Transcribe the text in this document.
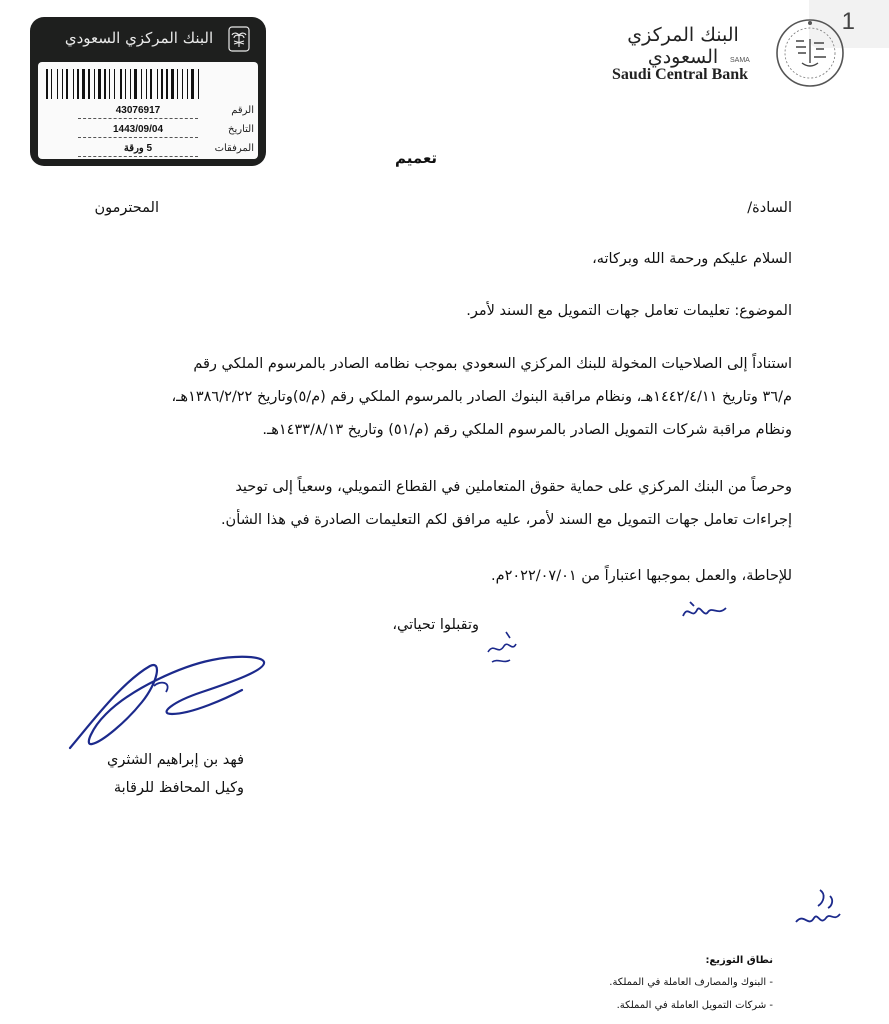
1
البنك المركزي السعودي
43076917	الرقم
1443/09/04	التاريخ
5 ورقة	المرفقات
البنك المركزي السعودي	SAMA
Saudi Central Bank
تعميم
السادة/
المحترمون
السلام عليكم ورحمة الله وبركاته،
الموضوع: تعليمات تعامل جهات التمويل مع السند لأمر.
استناداً إلى الصلاحيات المخولة للبنك المركزي السعودي بموجب نظامه الصادر بالمرسوم الملكي رقم
م/٣٦ وتاريخ ١٤٤٢/٤/١١هـ، ونظام مراقبة البنوك الصادر بالمرسوم الملكي رقم (م/٥)وتاريخ ١٣٨٦/٢/٢٢هـ،
ونظام مراقبة شركات التمويل الصادر بالمرسوم الملكي رقم (م/٥١) وتاريخ ١٤٣٣/٨/١٣هـ.
وحرصاً من البنك المركزي على حماية حقوق المتعاملين في القطاع التمويلي، وسعياً إلى توحيد
إجراءات تعامل جهات التمويل مع السند لأمر، عليه مرافق لكم التعليمات الصادرة في هذا الشأن.
للإحاطة، والعمل بموجبها اعتباراً من ٢٠٢٢/٠٧/٠١م.
وتقبلوا تحياتي،
فهد بن إبراهيم الشثري
وكيل المحافظ للرقابة
نطاق التوزيع:
- البنوك والمصارف العاملة في المملكة.
- شركات التمويل العاملة في المملكة.
